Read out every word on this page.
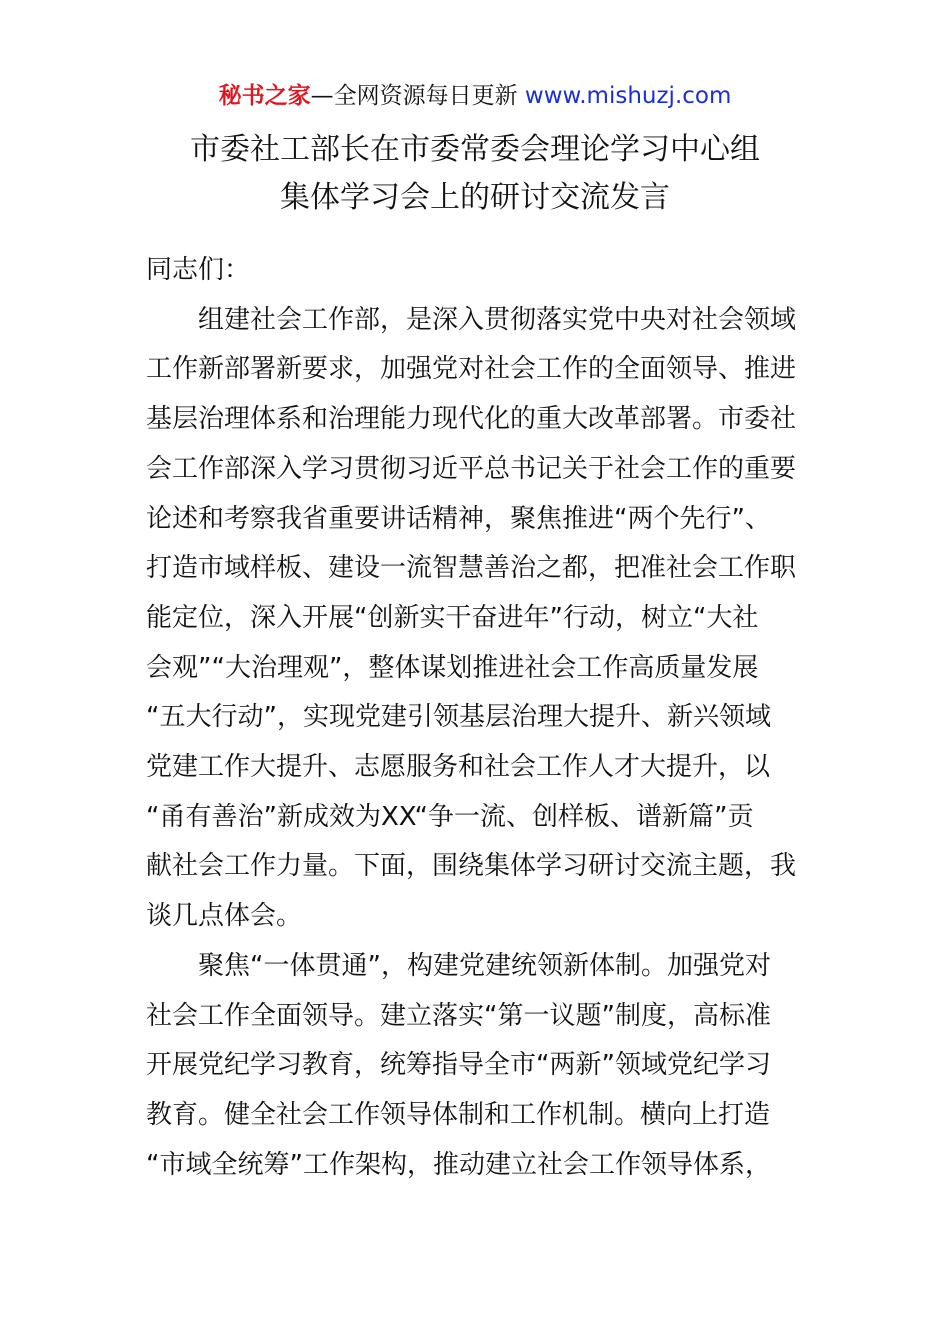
秘书之家—全网资源每日更新 www.mishuzj.com
市委社工部长在市委常委会理论学习中心组
集体学习会上的研讨交流发言

同志们：

组建社会工作部，是深入贯彻落实党中央对社会领域
工作新部署新要求，加强党对社会工作的全面领导、推进
基层治理体系和治理能力现代化的重大改革部署。市委社
会工作部深入学习贯彻习近平总书记关于社会工作的重要
论述和考察我省重要讲话精神，聚焦推进“两个先行”、
打造市域样板、建设一流智慧善治之都，把准社会工作职
能定位，深入开展“创新实干奋进年”行动，树立“大社
会观”“大治理观”，整体谋划推进社会工作高质量发展
“五大行动”，实现党建引领基层治理大提升、新兴领域
党建工作大提升、志愿服务和社会工作人才大提升，以
“甬有善治”新成效为XX“争一流、创样板、谱新篇”贡
献社会工作力量。下面，围绕集体学习研讨交流主题，我
谈几点体会。
聚焦“一体贯通”，构建党建统领新体制。加强党对
社会工作全面领导。建立落实“第一议题”制度，高标准
开展党纪学习教育，统筹指导全市“两新”领域党纪学习
教育。健全社会工作领导体制和工作机制。横向上打造
“市域全统筹”工作架构，推动建立社会工作领导体系，
